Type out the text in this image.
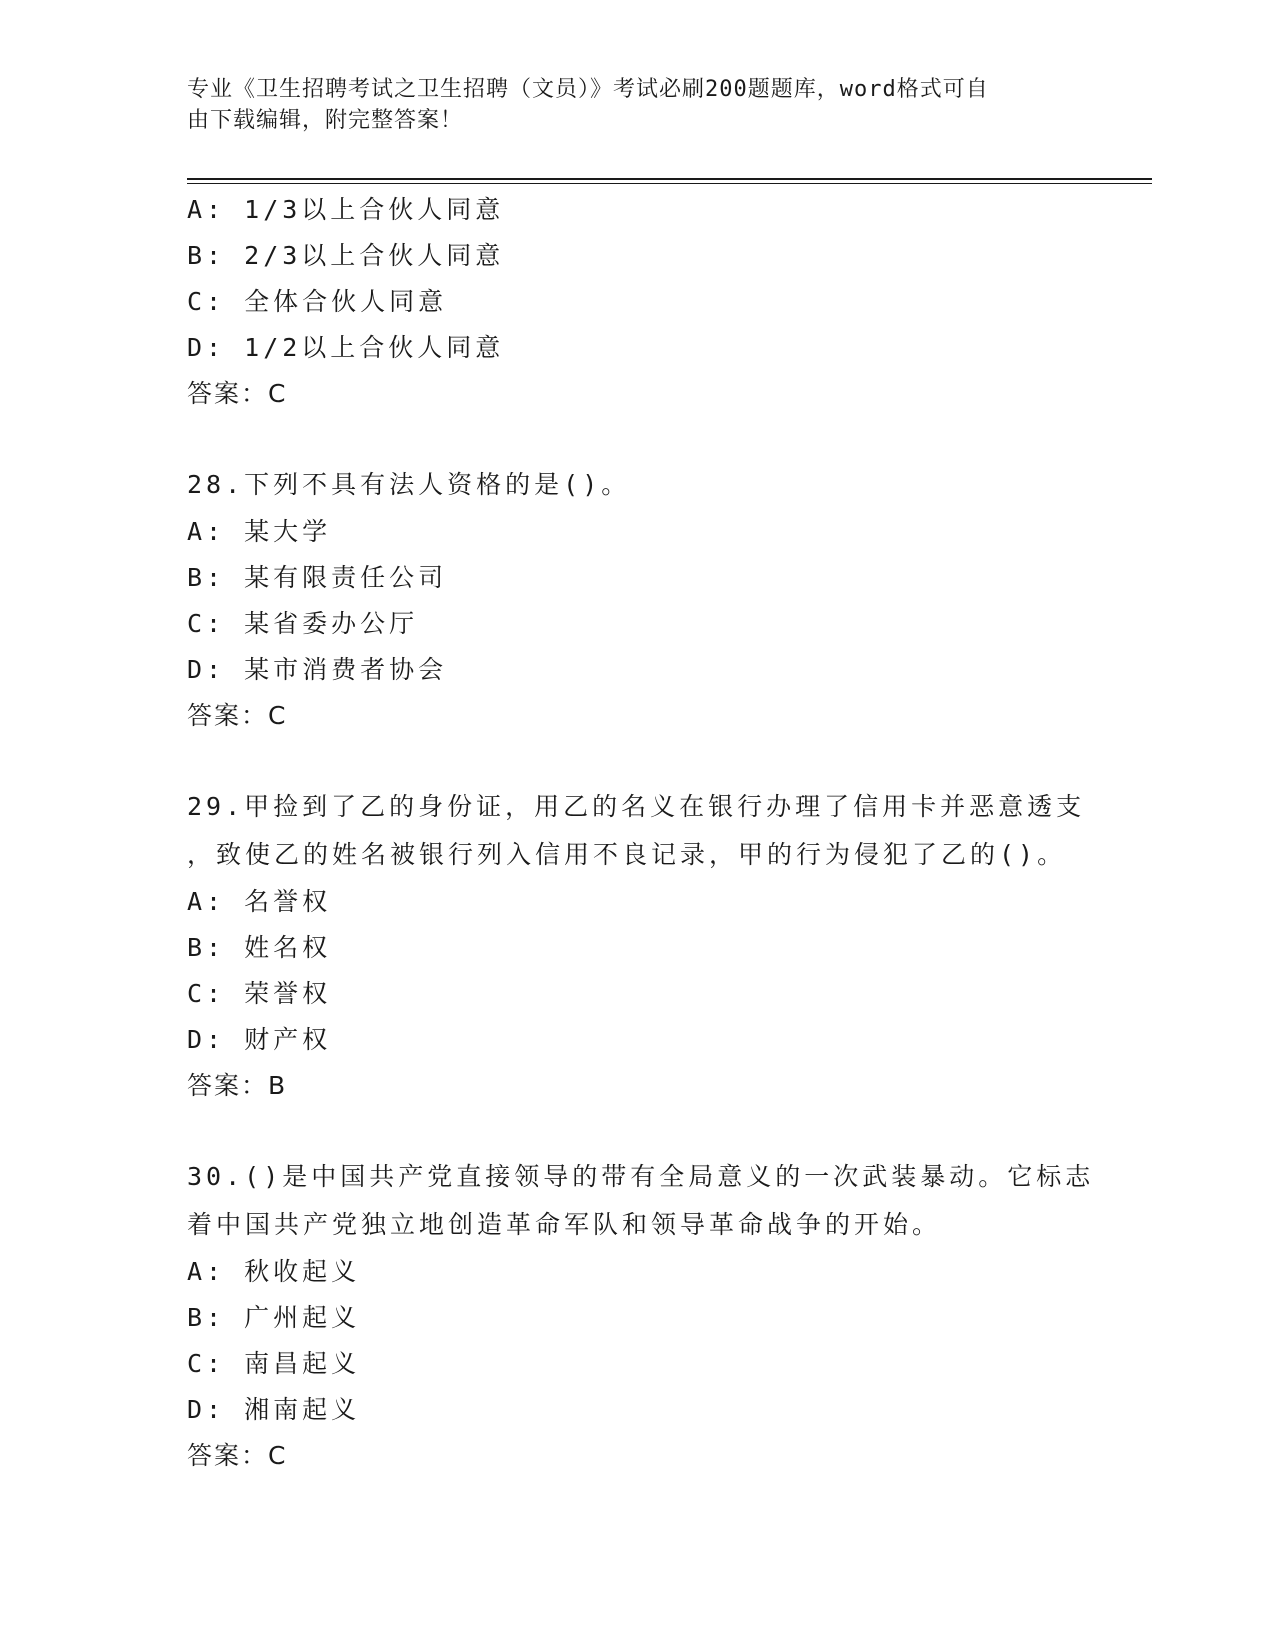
专业《卫生招聘考试之卫生招聘（文员）》考试必刷200题题库，word格式可自
由下载编辑，附完整答案！
A: 1/3以上合伙人同意
B: 2/3以上合伙人同意
C: 全体合伙人同意
D: 1/2以上合伙人同意
答案：C
28.下列不具有法人资格的是()。
A: 某大学
B: 某有限责任公司
C: 某省委办公厅
D: 某市消费者协会
答案：C
29.甲捡到了乙的身份证，用乙的名义在银行办理了信用卡并恶意透支
，致使乙的姓名被银行列入信用不良记录，甲的行为侵犯了乙的()。
A: 名誉权
B: 姓名权
C: 荣誉权
D: 财产权
答案：B
30.()是中国共产党直接领导的带有全局意义的一次武装暴动。它标志
着中国共产党独立地创造革命军队和领导革命战争的开始。
A: 秋收起义
B: 广州起义
C: 南昌起义
D: 湘南起义
答案：C
